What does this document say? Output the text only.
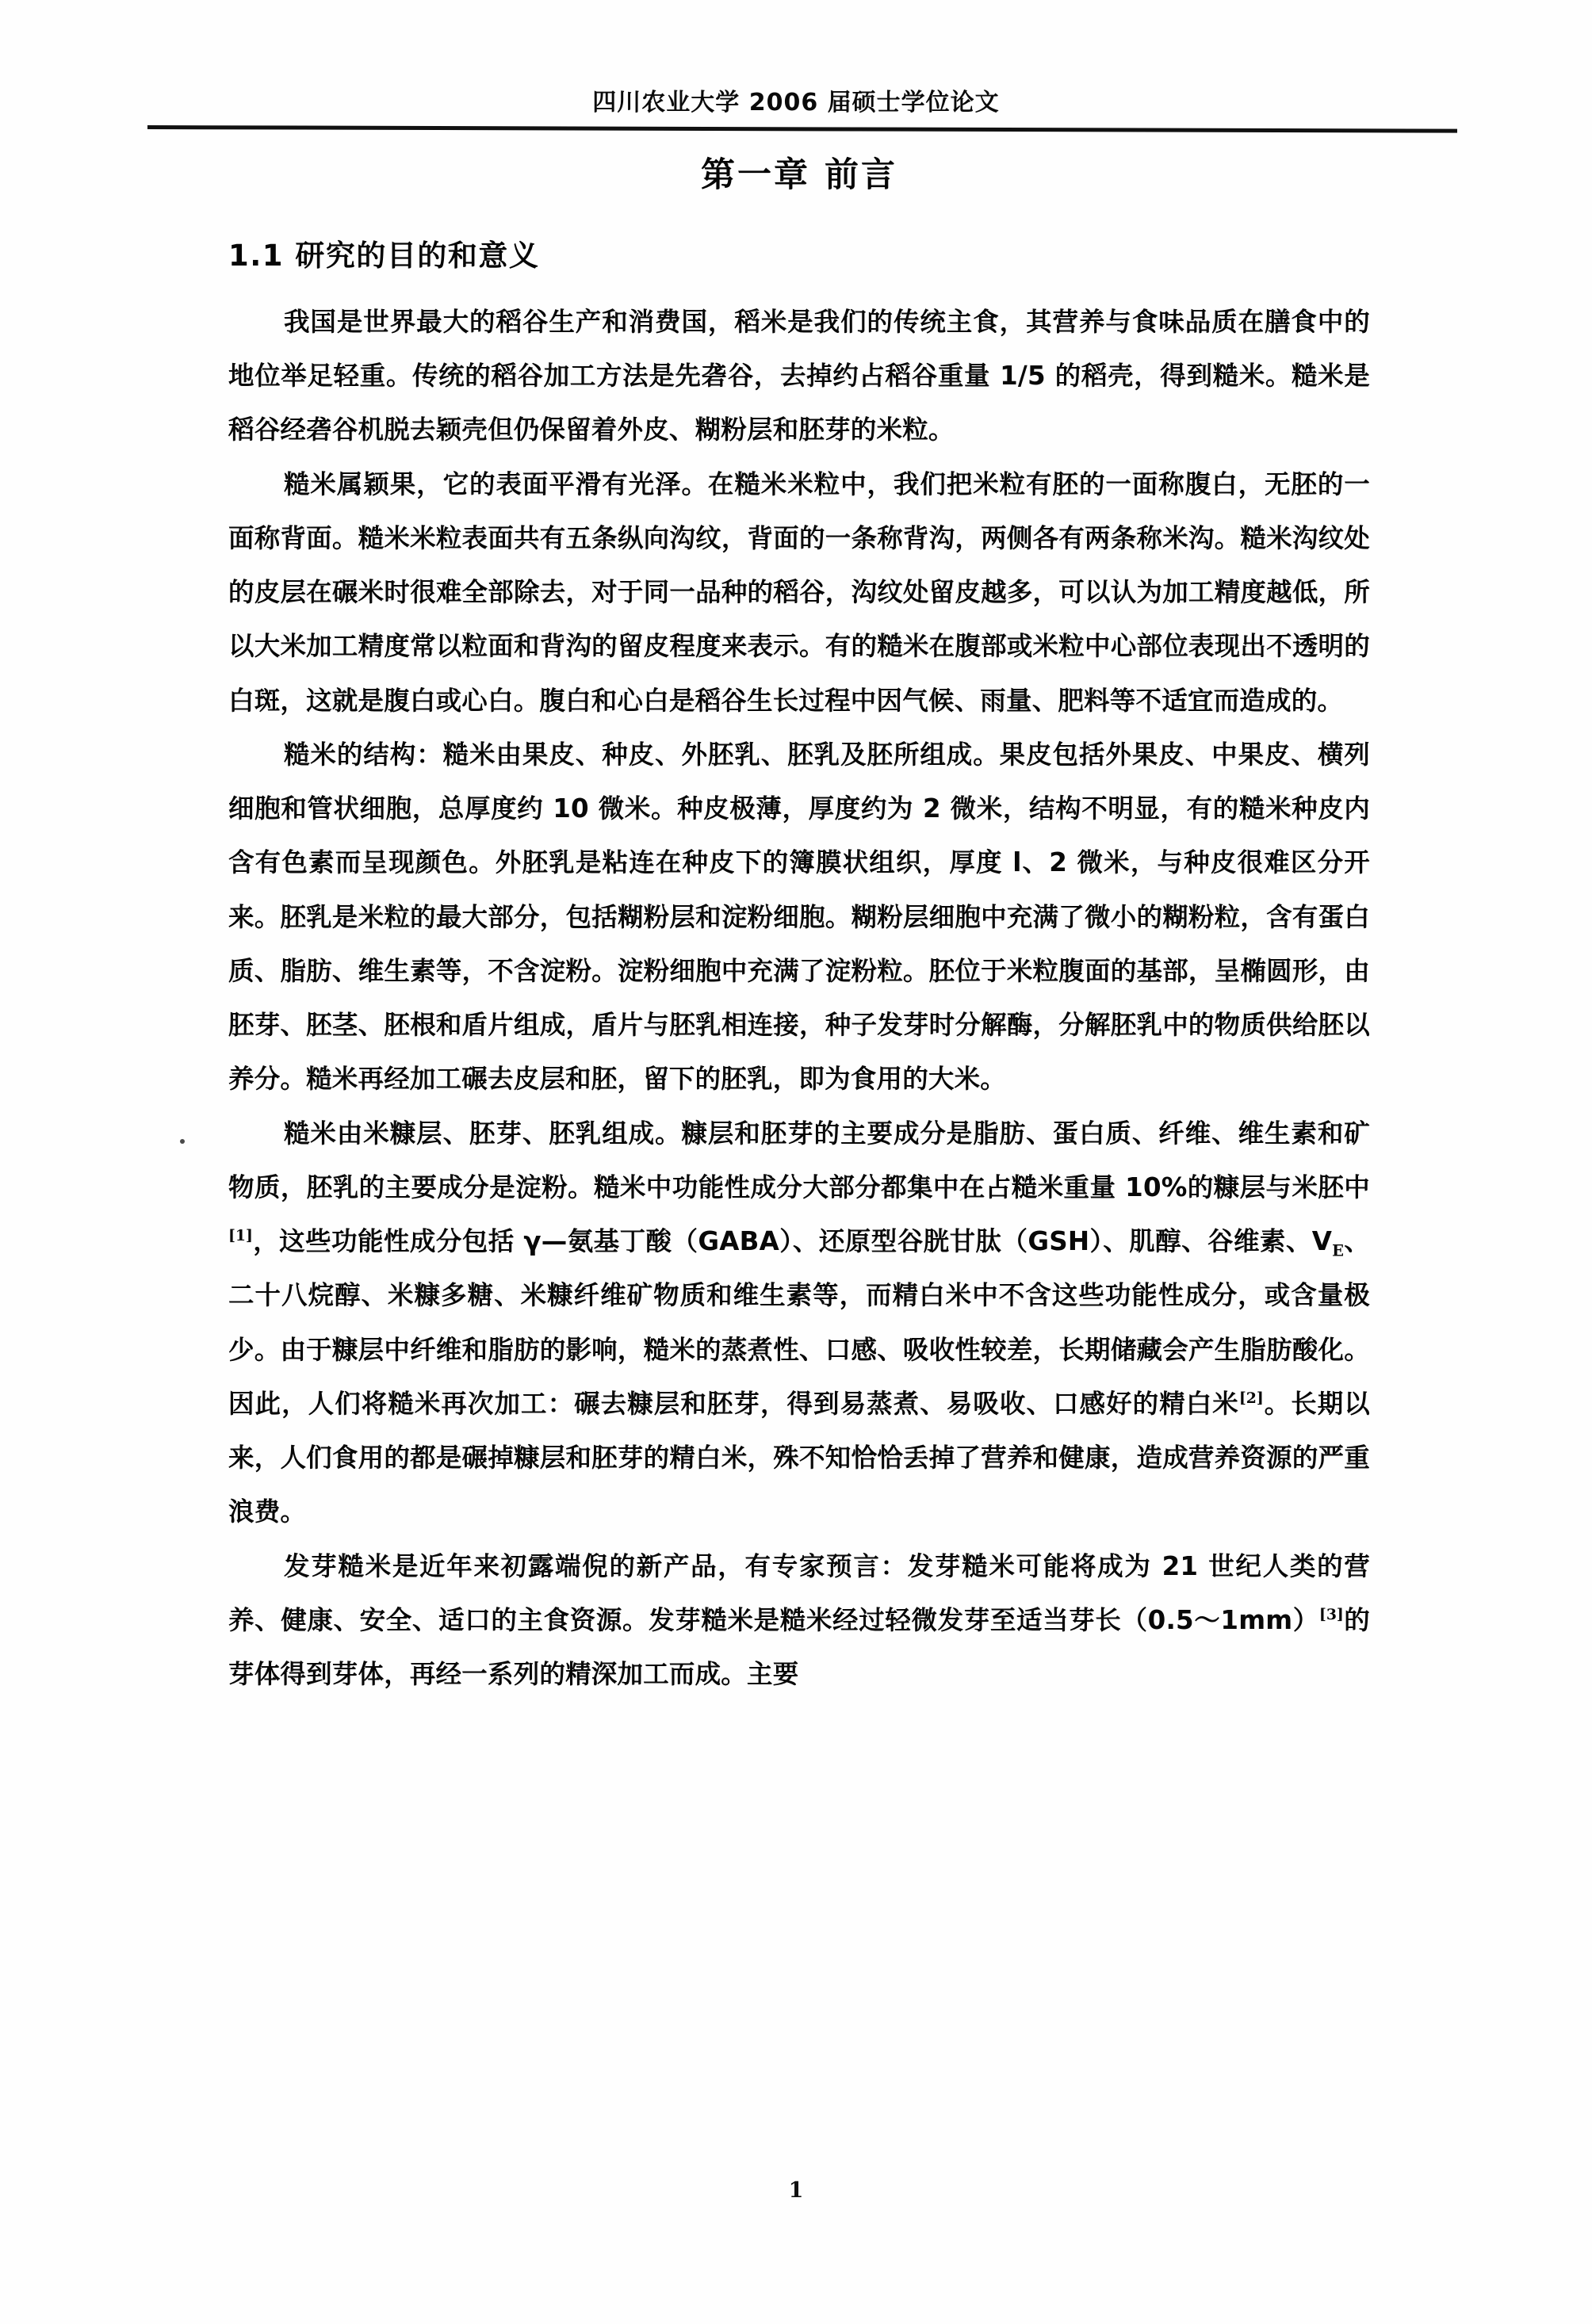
四川农业大学 2006 届硕士学位论文
第一章 前言
1.1 研究的目的和意义

我国是世界最大的稻谷生产和消费国，稻米是我们的传统主食，其营养与食味品质在膳食中的地位举足轻重。传统的稻谷加工方法是先砻谷，去掉约占稻谷重量 1/5 的稻壳，得到糙米。糙米是稻谷经砻谷机脱去颖壳但仍保留着外皮、糊粉层和胚芽的米粒。

糙米属颖果，它的表面平滑有光泽。在糙米米粒中，我们把米粒有胚的一面称腹白，无胚的一面称背面。糙米米粒表面共有五条纵向沟纹，背面的一条称背沟，两侧各有两条称米沟。糙米沟纹处的皮层在碾米时很难全部除去，对于同一品种的稻谷，沟纹处留皮越多，可以认为加工精度越低，所以大米加工精度常以粒面和背沟的留皮程度来表示。有的糙米在腹部或米粒中心部位表现出不透明的白斑，这就是腹白或心白。腹白和心白是稻谷生长过程中因气候、雨量、肥料等不适宜而造成的。

糙米的结构：糙米由果皮、种皮、外胚乳、胚乳及胚所组成。果皮包括外果皮、中果皮、横列细胞和管状细胞，总厚度约 10 微米。种皮极薄，厚度约为 2 微米，结构不明显，有的糙米种皮内含有色素而呈现颜色。外胚乳是粘连在种皮下的簿膜状组织，厚度 l、2 微米，与种皮很难区分开来。胚乳是米粒的最大部分，包括糊粉层和淀粉细胞。糊粉层细胞中充满了微小的糊粉粒，含有蛋白质、脂肪、维生素等，不含淀粉。淀粉细胞中充满了淀粉粒。胚位于米粒腹面的基部，呈椭圆形，由胚芽、胚茎、胚根和盾片组成，盾片与胚乳相连接，种子发芽时分解酶，分解胚乳中的物质供给胚以养分。糙米再经加工碾去皮层和胚，留下的胚乳，即为食用的大米。

糙米由米糠层、胚芽、胚乳组成。糠层和胚芽的主要成分是脂肪、蛋白质、纤维、维生素和矿物质，胚乳的主要成分是淀粉。糙米中功能性成分大部分都集中在占糙米重量 10%的糠层与米胚中[1]，这些功能性成分包括 γ—氨基丁酸（GABA）、还原型谷胱甘肽（GSH）、肌醇、谷维素、$V_E$、二十八烷醇、米糠多糖、米糠纤维矿物质和维生素等，而精白米中不含这些功能性成分，或含量极少。由于糠层中纤维和脂肪的影响，糙米的蒸煮性、口感、吸收性较差，长期储藏会产生脂肪酸化。因此，人们将糙米再次加工：碾去糠层和胚芽，得到易蒸煮、易吸收、口感好的精白米[2]。长期以来，人们食用的都是碾掉糠层和胚芽的精白米，殊不知恰恰丢掉了营养和健康，造成营养资源的严重浪费。

发芽糙米是近年来初露端倪的新产品，有专家预言：发芽糙米可能将成为 21 世纪人类的营养、健康、安全、适口的主食资源。发芽糙米是糙米经过轻微发芽至适当芽长（0.5～1mm）[3]的芽体得到芽体，再经一系列的精深加工而成。主要

1
